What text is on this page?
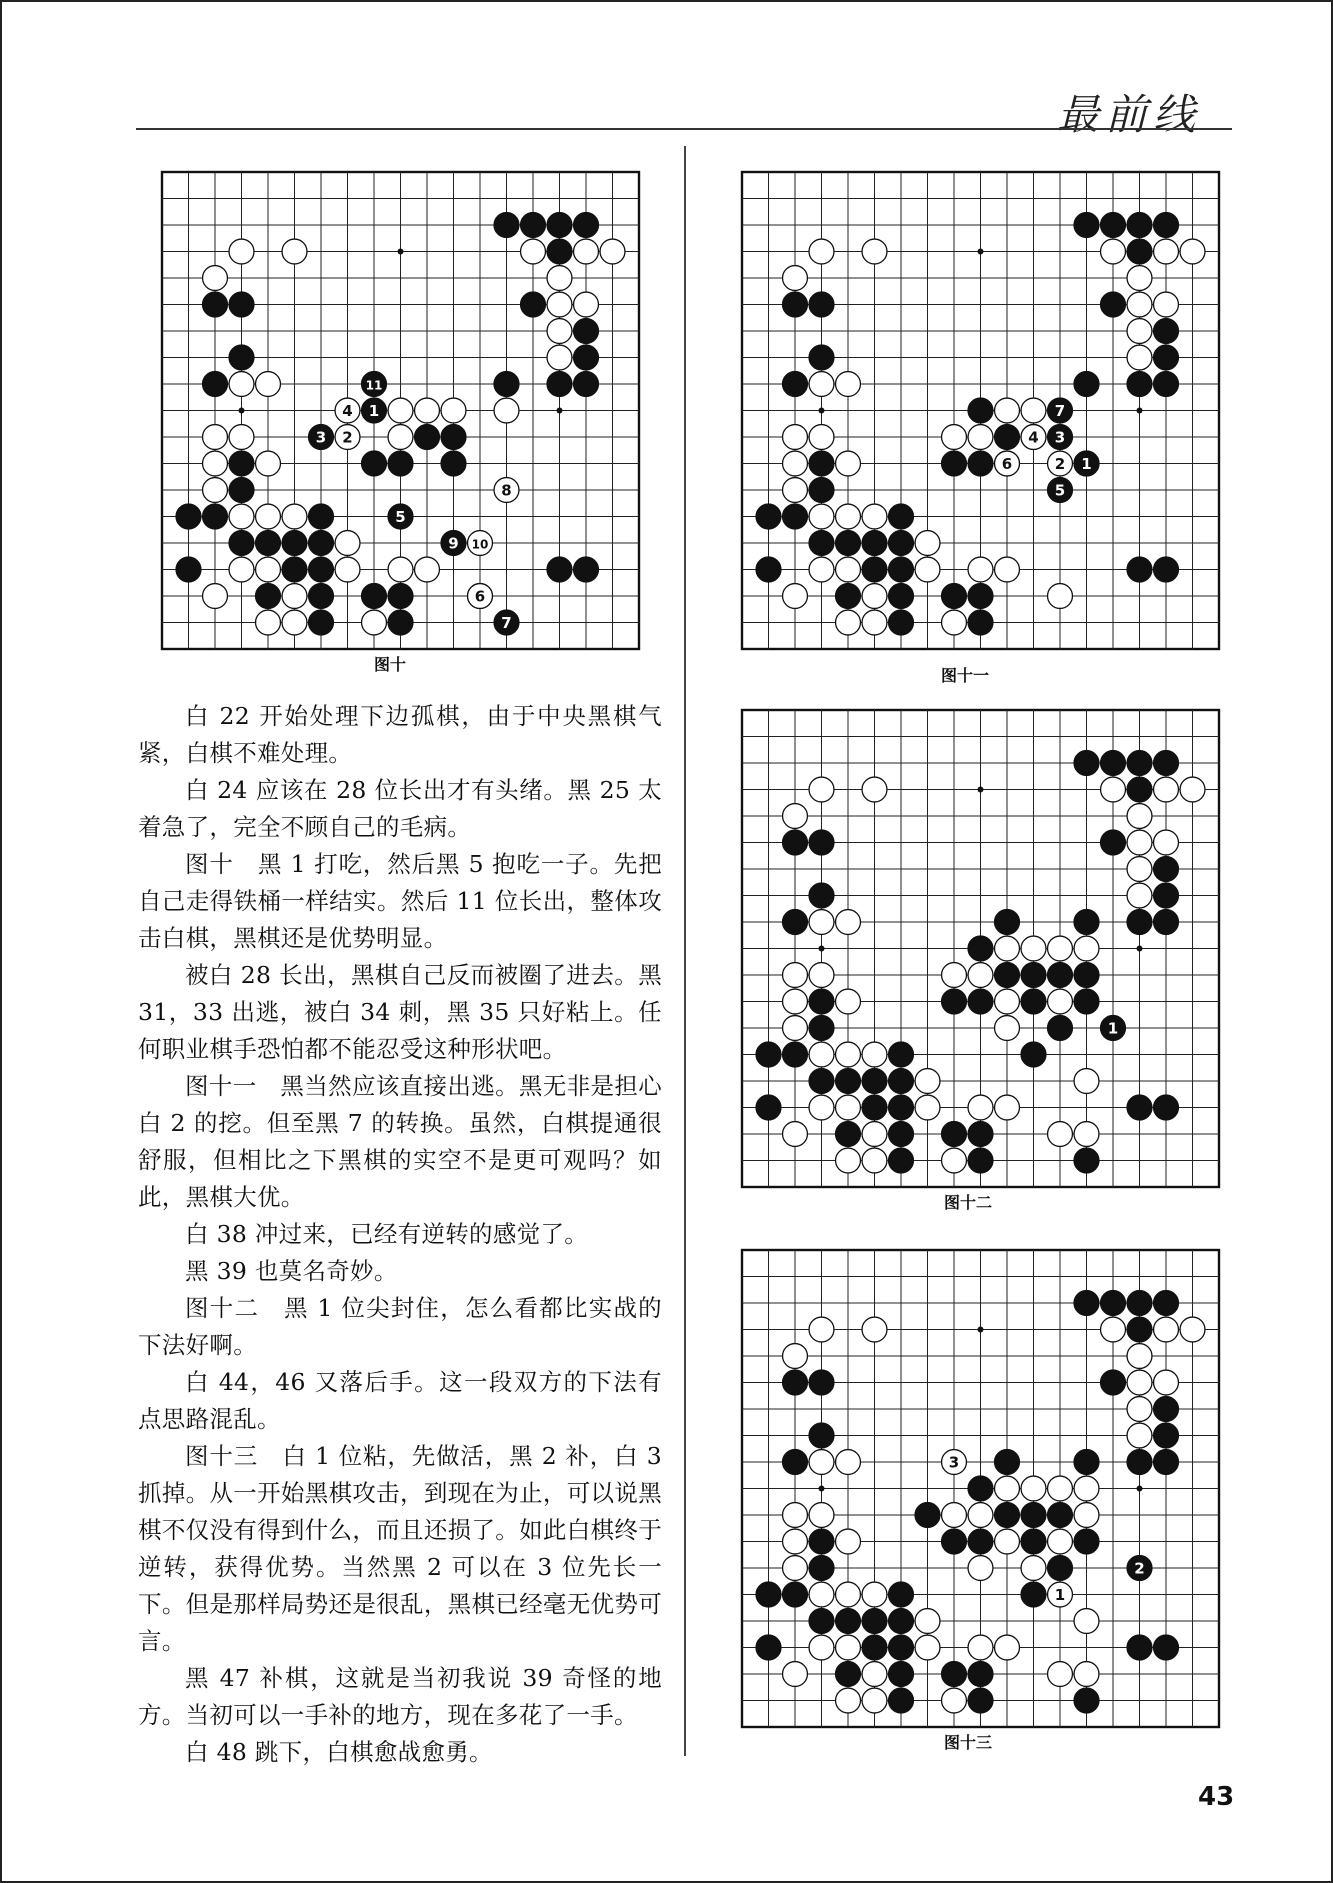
最前线
11
1
4
3 2
5
8
9 10
6
7
图十
7
4 3
6	2 1
5
图十一
1
图十二
3
2
1
图十三

白 22 开始处理下边孤棋，由于中央黑棋气紧，白棋不难处理。

白 24 应该在 28 位长出才有头绪。黑 25 太着急了，完全不顾自己的毛病。

图十　黑 1 打吃，然后黑 5 抱吃一子。先把自己走得铁桶一样结实。然后 11 位长出，整体攻击白棋，黑棋还是优势明显。

被白 28 长出，黑棋自己反而被圈了进去。黑 31，33 出逃，被白 34 刺，黑 35 只好粘上。任何职业棋手恐怕都不能忍受这种形状吧。

图十一　黑当然应该直接出逃。黑无非是担心白 2 的挖。但至黑 7 的转换。虽然，白棋提通很舒服，但相比之下黑棋的实空不是更可观吗？如此，黑棋大优。

白 38 冲过来，已经有逆转的感觉了。

黑 39 也莫名奇妙。

图十二　黑 1 位尖封住，怎么看都比实战的下法好啊。

白 44，46 又落后手。这一段双方的下法有点思路混乱。

图十三　白 1 位粘，先做活，黑 2 补，白 3 抓掉。从一开始黑棋攻击，到现在为止，可以说黑棋不仅没有得到什么，而且还损了。如此白棋终于逆转，获得优势。当然黑 2 可以在 3 位先长一下。但是那样局势还是很乱，黑棋已经毫无优势可言。

黑 47 补棋，这就是当初我说 39 奇怪的地方。当初可以一手补的地方，现在多花了一手。

白 48 跳下，白棋愈战愈勇。

43
